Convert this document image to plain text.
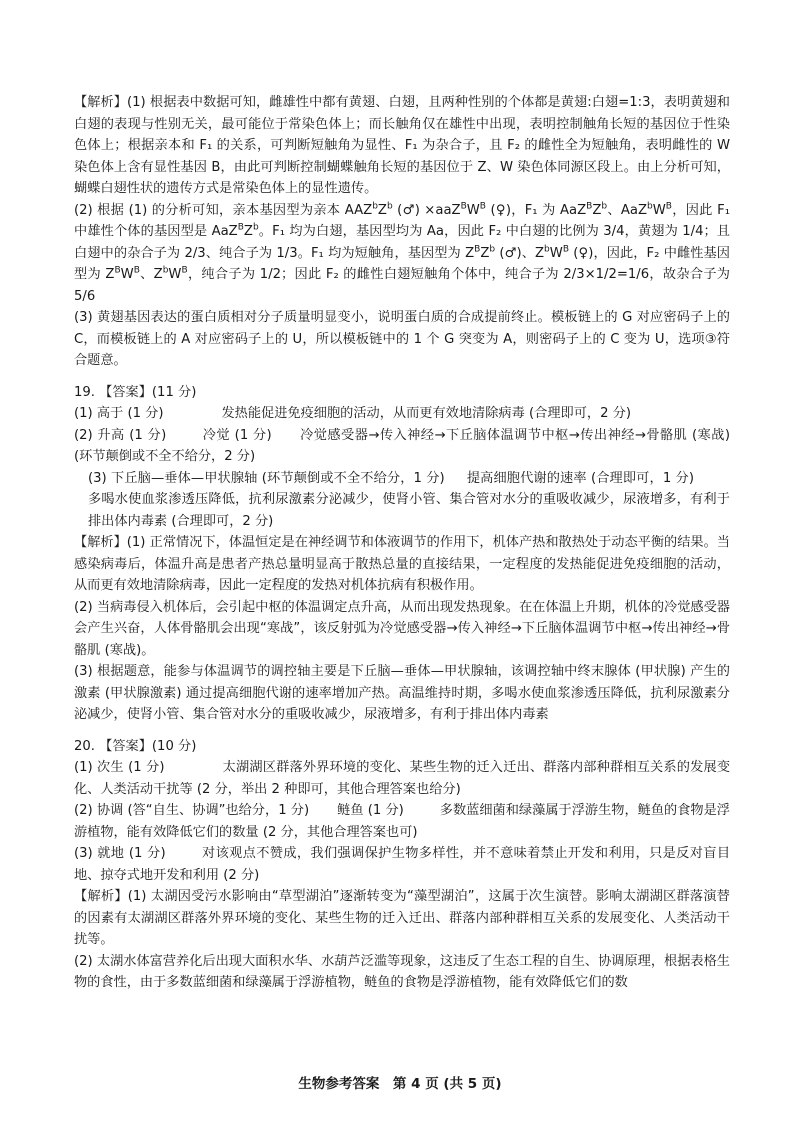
【解析】(1) 根据表中数据可知，雌雄性中都有黄翅、白翅，且两种性别的个体都是黄翅:白翅=1:3，表明黄翅和白翅的表现与性别无关，最可能位于常染色体上；而长触角仅在雄性中出现，表明控制触角长短的基因位于性染色体上；根据亲本和 F₁ 的关系，可判断短触角为显性、F₁ 为杂合子，且 F₂ 的雌性全为短触角，表明雌性的 W 染色体上含有显性基因 B，由此可判断控制蝴蝶触角长短的基因位于 Z、W 染色体同源区段上。由上分析可知，蝴蝶白翅性状的遗传方式是常染色体上的显性遗传。

(2) 根据 (1) 的分析可知，亲本基因型为亲本 $AAZ^bZ^b$ (♂) $\times aaZ^BW^B$ (♀)，F₁ 为 $AaZ^BZ^b$、$AaZ^bW^B$，因此 F₁ 中雄性个体的基因型是 $AaZ^BZ^b$。F₁ 均为白翅，基因型均为 Aa，因此 F₂ 中白翅的比例为 3/4，黄翅为 1/4；且白翅中的杂合子为 2/3、纯合子为 1/3。F₁ 均为短触角，基因型为 $Z^BZ^b$ (♂)、$Z^bW^B$ (♀)，因此，F₂ 中雌性基因型为 $Z^BW^B$、$Z^bW^B$，纯合子为 1/2；因此 F₂ 的雌性白翅短触角个体中，纯合子为 2/3×1/2=1/6，故杂合子为 5/6

(3) 黄翅基因表达的蛋白质相对分子质量明显变小，说明蛋白质的合成提前终止。模板链上的 G 对应密码子上的 C，而模板链上的 A 对应密码子上的 U，所以模板链中的 1 个 G 突变为 A，则密码子上的 C 变为 U，选项③符合题意。

19. 【答案】(11 分)

(1) 高于 (1 分)	发热能促进免疫细胞的活动，从而更有效地清除病毒 (合理即可，2 分)

(2) 升高 (1 分)	冷觉 (1 分) 冷觉感受器→传入神经→下丘脑体温调节中枢→传出神经→骨骼肌 (寒战) (环节颠倒或不全不给分，2 分)

(3) 下丘脑—垂体—甲状腺轴 (环节颠倒或不全不给分，1 分) 提高细胞代谢的速率 (合理即可，1 分)多喝水使血浆渗透压降低，抗利尿激素分泌减少，使肾小管、集合管对水分的重吸收减少，尿液增多，有利于排出体内毒素 (合理即可，2 分)

【解析】(1) 正常情况下，体温恒定是在神经调节和体液调节的作用下，机体产热和散热处于动态平衡的结果。当感染病毒后，体温升高是患者产热总量明显高于散热总量的直接结果，一定程度的发热能促进免疫细胞的活动，从而更有效地清除病毒，因此一定程度的发热对机体抗病有积极作用。

(2) 当病毒侵入机体后，会引起中枢的体温调定点升高，从而出现发热现象。在在体温上升期，机体的冷觉感受器会产生兴奋，人体骨骼肌会出现“寒战”，该反射弧为冷觉感受器→传入神经→下丘脑体温调节中枢→传出神经→骨骼肌 (寒战)。

(3) 根据题意，能参与体温调节的调控轴主要是下丘脑—垂体—甲状腺轴，该调控轴中终末腺体 (甲状腺) 产生的激素 (甲状腺激素) 通过提高细胞代谢的速率增加产热。高温维持时期，多喝水使血浆渗透压降低，抗利尿激素分泌减少，使肾小管、集合管对水分的重吸收减少，尿液增多，有利于排出体内毒素

20. 【答案】(10 分)

(1) 次生 (1 分)	太湖湖区群落外界环境的变化、某些生物的迁入迁出、群落内部种群相互关系的发展变化、人类活动干扰等 (2 分，举出 2 种即可，其他合理答案也给分)

(2) 协调 (答“自生、协调”也给分，1 分) 鲢鱼 (1 分)	多数蓝细菌和绿藻属于浮游生物，鲢鱼的食物是浮游植物，能有效降低它们的数量 (2 分，其他合理答案也可)

(3) 就地 (1 分)	对该观点不赞成，我们强调保护生物多样性，并不意味着禁止开发和利用，只是反对盲目地、掠夺式地开发和利用 (2 分)

【解析】(1) 太湖因受污水影响由“草型湖泊”逐渐转变为“藻型湖泊”，这属于次生演替。影响太湖湖区群落演替的因素有太湖湖区群落外界环境的变化、某些生物的迁入迁出、群落内部种群相互关系的发展变化、人类活动干扰等。

(2) 太湖水体富营养化后出现大面积水华、水葫芦泛滥等现象，这违反了生态工程的自生、协调原理，根据表格生物的食性，由于多数蓝细菌和绿藻属于浮游植物，鲢鱼的食物是浮游植物，能有效降低它们的数

生物参考答案　第 4 页 (共 5 页)
